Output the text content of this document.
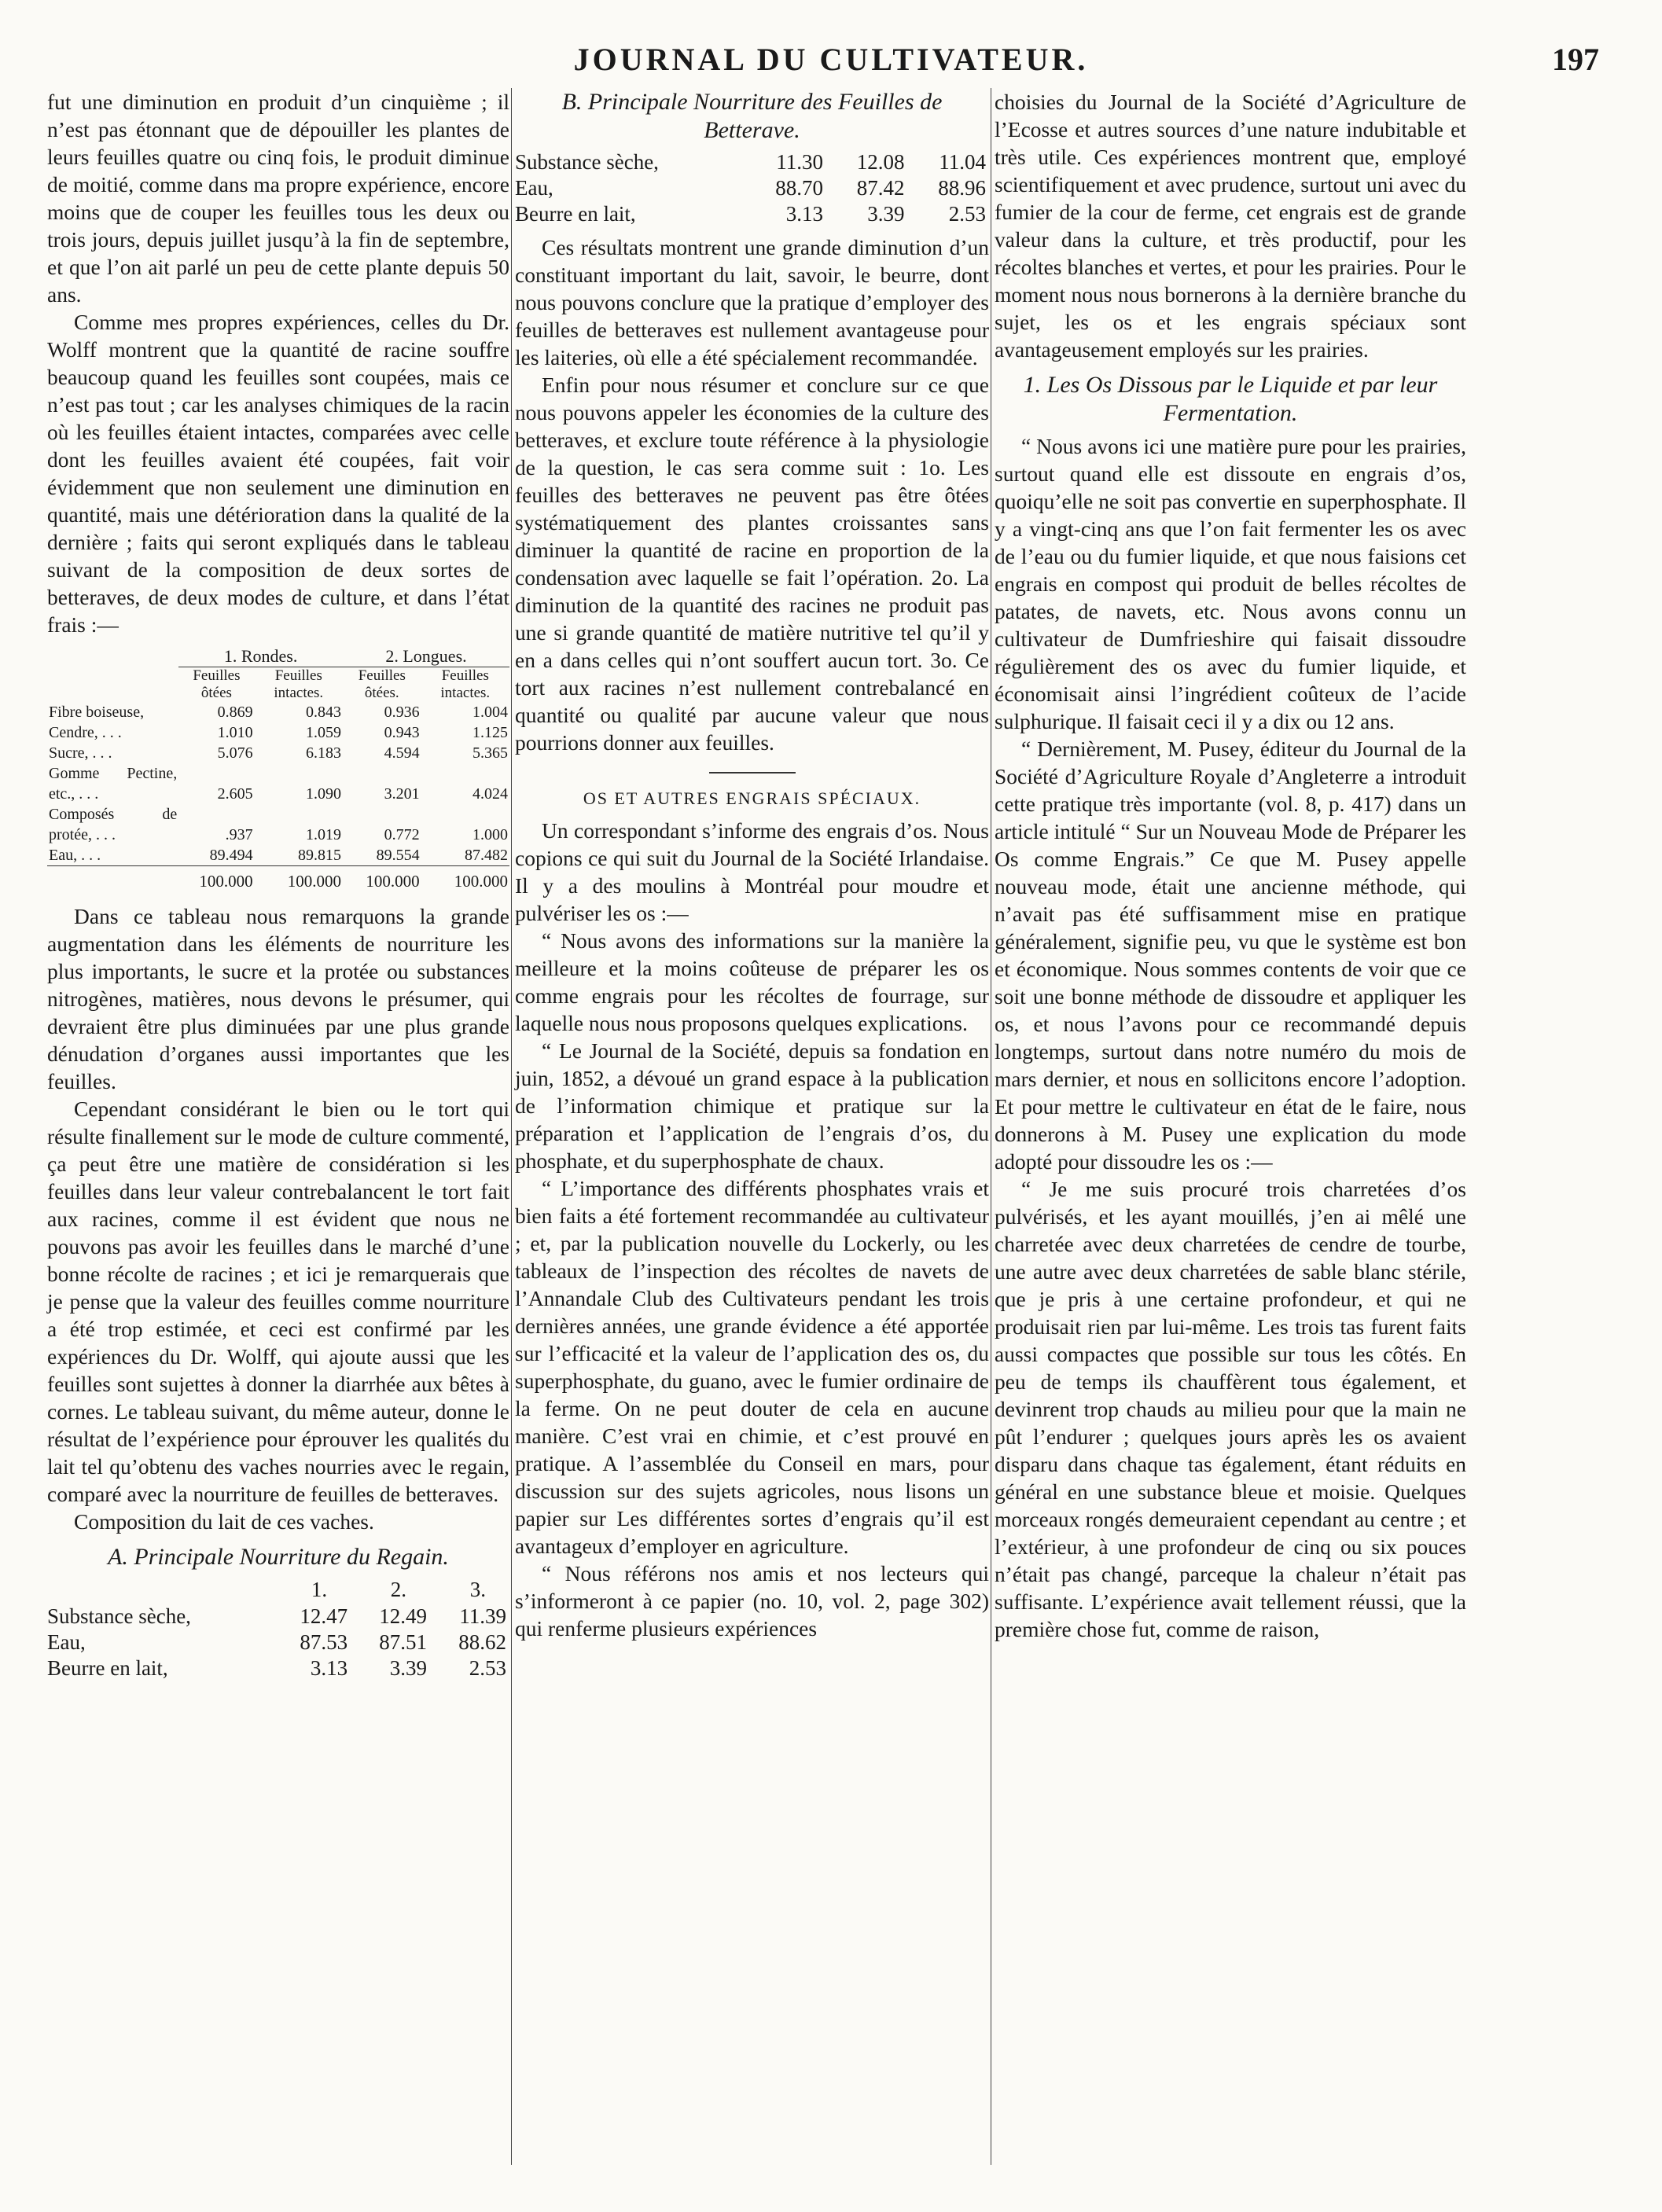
JOURNAL DU CULTIVATEUR.	197

fut une diminution en produit d’un cinquième ; il n’est pas étonnant que de dépouiller les plantes de leurs feuilles quatre ou cinq fois, le produit diminue de moitié, comme dans ma propre expérience, encore moins que de couper les feuilles tous les deux ou trois jours, depuis juillet jusqu’à la fin de septembre, et que l’on ait parlé un peu de cette plante depuis 50 ans.

Comme mes propres expériences, celles du Dr. Wolff montrent que la quantité de racine souffre beaucoup quand les feuilles sont coupées, mais ce n’est pas tout ; car les analyses chimiques de la racin où les feuilles étaient intactes, comparées avec celle dont les feuilles avaient été coupées, fait voir évidemment que non seulement une diminution en quantité, mais une détérioration dans la qualité de la dernière ; faits qui seront expliqués dans le tableau suivant de la composition de deux sortes de betteraves, de deux modes de culture, et dans l’état frais :—

	1. Rondes.		2. Longues.	
	Feuilles ôtées	Feuilles intactes.	Feuilles ôtées.	Feuilles intactes.
Fibre boiseuse,	0.869	0.843	0.936	1.004
Cendre, . . .	1.010	1.059	0.943	1.125
Sucre, . . .	5.076	6.183	4.594	5.365
Gomme Pectine, etc., . . .	2.605	1.090	3.201	4.024
Composés de protée, . . .	.937	1.019	0.772	1.000
Eau, . . .	89.494	89.815	89.554	87.482
	100.000	100.000	100.000	100.000

Dans ce tableau nous remarquons la grande augmentation dans les éléments de nourriture les plus importants, le sucre et la protée ou substances nitrogènes, matières, nous devons le présumer, qui devraient être plus diminuées par une plus grande dénudation d’organes aussi importantes que les feuilles.

Cependant considérant le bien ou le tort qui résulte finallement sur le mode de culture commenté, ça peut être une matière de considération si les feuilles dans leur valeur contrebalancent le tort fait aux racines, comme il est évident que nous ne pouvons pas avoir les feuilles dans le marché d’une bonne récolte de racines ; et ici je remarquerais que je pense que la valeur des feuilles comme nourriture a été trop estimée, et ceci est confirmé par les expériences du Dr. Wolff, qui ajoute aussi que les feuilles sont sujettes à donner la diarrhée aux bêtes à cornes. Le tableau suivant, du même auteur, donne le résultat de l’expérience pour éprouver les qualités du lait tel qu’obtenu des vaches nourries avec le regain, comparé avec la nourriture de feuilles de betteraves.

Composition du lait de ces vaches.

A. Principale Nourriture du Regain.
	1.	2.	3.
Substance sèche,	12.47	12.49	11.39
Eau,	87.53	87.51	88.62
Beurre en lait,	3.13	3.39	2.53
B. Principale Nourriture des Feuilles de Betterave.
Substance sèche,	11.30	12.08	11.04
Eau,	88.70	87.42	88.96
Beurre en lait,	3.13	3.39	2.53

Ces résultats montrent une grande diminution d’un constituant important du lait, savoir, le beurre, dont nous pouvons conclure que la pratique d’employer des feuilles de betteraves est nullement avantageuse pour les laiteries, où elle a été spécialement recommandée.

Enfin pour nous résumer et conclure sur ce que nous pouvons appeler les économies de la culture des betteraves, et exclure toute référence à la physiologie de la question, le cas sera comme suit : 1o. Les feuilles des betteraves ne peuvent pas être ôtées systématiquement des plantes croissantes sans diminuer la quantité de racine en proportion de la condensation avec laquelle se fait l’opération. 2o. La diminution de la quantité des racines ne produit pas une si grande quantité de matière nutritive tel qu’il y en a dans celles qui n’ont souffert aucun tort. 3o. Ce tort aux racines n’est nullement contrebalancé en quantité ou qualité par aucune valeur que nous pourrions donner aux feuilles.

OS ET AUTRES ENGRAIS SPÉCIAUX.

Un correspondant s’informe des engrais d’os. Nous copions ce qui suit du Journal de la Société Irlandaise. Il y a des moulins à Montréal pour moudre et pulvériser les os :—

“ Nous avons des informations sur la manière la meilleure et la moins coûteuse de préparer les os comme engrais pour les récoltes de fourrage, sur laquelle nous nous proposons quelques explications.

“ Le Journal de la Société, depuis sa fondation en juin, 1852, a dévoué un grand espace à la publication de l’information chimique et pratique sur la préparation et l’application de l’engrais d’os, du phosphate, et du superphosphate de chaux.

“ L’importance des différents phosphates vrais et bien faits a été fortement recommandée au cultivateur ; et, par la publication nouvelle du Lockerly, ou les tableaux de l’inspection des récoltes de navets de l’Annandale Club des Cultivateurs pendant les trois dernières années, une grande évidence a été apportée sur l’efficacité et la valeur de l’application des os, du superphosphate, du guano, avec le fumier ordinaire de la ferme. On ne peut douter de cela en aucune manière. C’est vrai en chimie, et c’est prouvé en pratique. A l’assemblée du Conseil en mars, pour discussion sur des sujets agricoles, nous lisons un papier sur Les différentes sortes d’engrais qu’il est avantageux d’employer en agriculture.

“ Nous référons nos amis et nos lecteurs qui s’informeront à ce papier (no. 10, vol. 2, page 302) qui renferme plusieurs expériences

choisies du Journal de la Société d’Agriculture de l’Ecosse et autres sources d’une nature indubitable et très utile. Ces expériences montrent que, employé scientifiquement et avec prudence, surtout uni avec du fumier de la cour de ferme, cet engrais est de grande valeur dans la culture, et très productif, pour les récoltes blanches et vertes, et pour les prairies. Pour le moment nous nous bornerons à la dernière branche du sujet, les os et les engrais spéciaux sont avantageusement employés sur les prairies.

1. Les Os Dissous par le Liquide et par leur Fermentation.

“ Nous avons ici une matière pure pour les prairies, surtout quand elle est dissoute en engrais d’os, quoiqu’elle ne soit pas convertie en superphosphate. Il y a vingt-cinq ans que l’on fait fermenter les os avec de l’eau ou du fumier liquide, et que nous faisions cet engrais en compost qui produit de belles récoltes de patates, de navets, etc. Nous avons connu un cultivateur de Dumfrieshire qui faisait dissoudre régulièrement des os avec du fumier liquide, et économisait ainsi l’ingrédient coûteux de l’acide sulphurique. Il faisait ceci il y a dix ou 12 ans.

“ Dernièrement, M. Pusey, éditeur du Journal de la Société d’Agriculture Royale d’Angleterre a introduit cette pratique très importante (vol. 8, p. 417) dans un article intitulé “ Sur un Nouveau Mode de Préparer les Os comme Engrais.” Ce que M. Pusey appelle nouveau mode, était une ancienne méthode, qui n’avait pas été suffisamment mise en pratique généralement, signifie peu, vu que le système est bon et économique. Nous sommes contents de voir que ce soit une bonne méthode de dissoudre et appliquer les os, et nous l’avons pour ce recommandé depuis longtemps, surtout dans notre numéro du mois de mars dernier, et nous en sollicitons encore l’adoption. Et pour mettre le cultivateur en état de le faire, nous donnerons à M. Pusey une explication du mode adopté pour dissoudre les os :—

“ Je me suis procuré trois charretées d’os pulvérisés, et les ayant mouillés, j’en ai mêlé une charretée avec deux charretées de cendre de tourbe, une autre avec deux charretées de sable blanc stérile, que je pris à une certaine profondeur, et qui ne produisait rien par lui-même. Les trois tas furent faits aussi compactes que possible sur tous les côtés. En peu de temps ils chauffèrent tous également, et devinrent trop chauds au milieu pour que la main ne pût l’endurer ; quelques jours après les os avaient disparu dans chaque tas également, étant réduits en général en une substance bleue et moisie. Quelques morceaux rongés demeuraient cependant au centre ; et l’extérieur, à une profondeur de cinq ou six pouces n’était pas changé, parceque la chaleur n’était pas suffisante. L’expérience avait tellement réussi, que la première chose fut, comme de raison,
